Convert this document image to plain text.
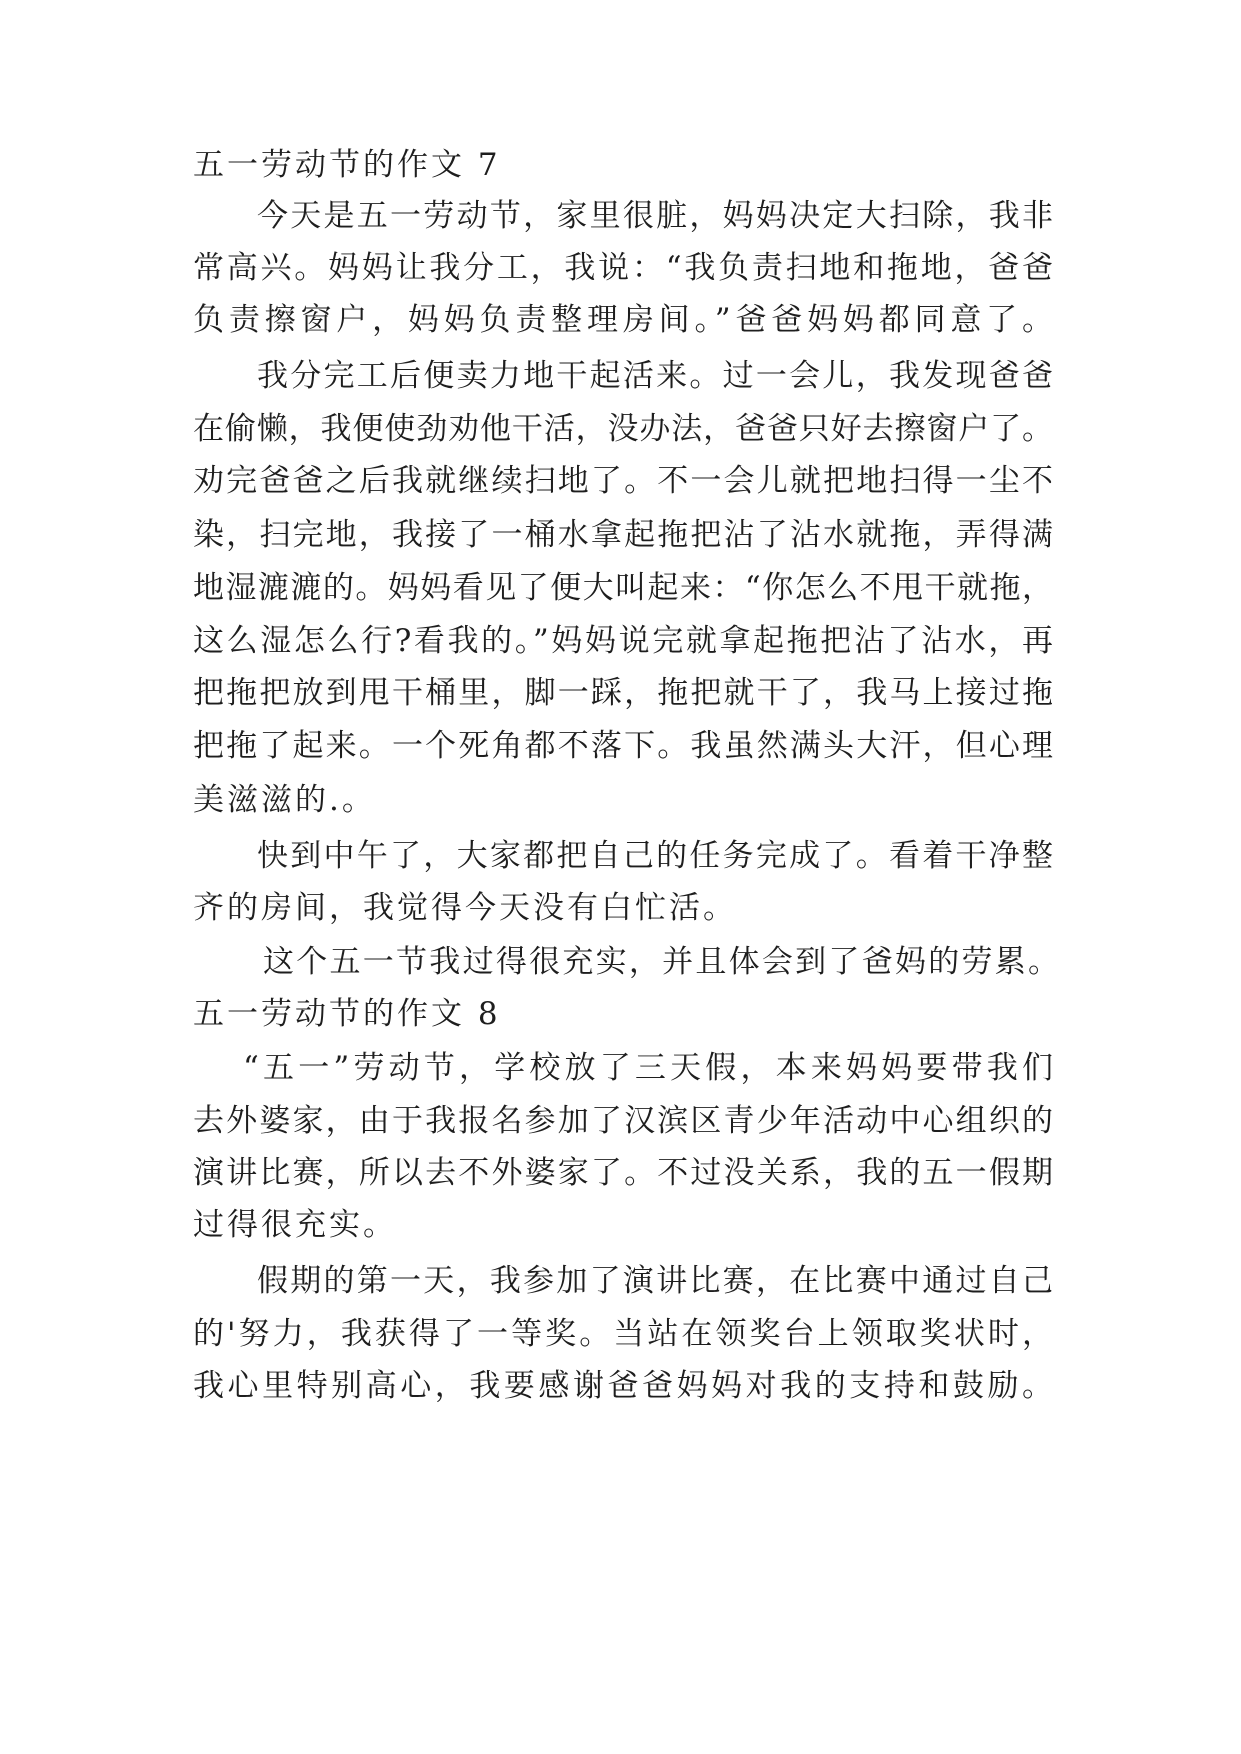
五一劳动节的作文 7
今天是五一劳动节，家里很脏，妈妈决定大扫除，我非
常高兴。妈妈让我分工，我说：“我负责扫地和拖地，爸爸
负责擦窗户，妈妈负责整理房间。”爸爸妈妈都同意了。
我分完工后便卖力地干起活来。过一会儿，我发现爸爸
在偷懒，我便使劲劝他干活，没办法，爸爸只好去擦窗户了。
劝完爸爸之后我就继续扫地了。不一会儿就把地扫得一尘不
染，扫完地，我接了一桶水拿起拖把沾了沾水就拖，弄得满
地湿漉漉的。妈妈看见了便大叫起来：“你怎么不甩干就拖，
这么湿怎么行?看我的。”妈妈说完就拿起拖把沾了沾水，再
把拖把放到甩干桶里，脚一踩，拖把就干了，我马上接过拖
把拖了起来。一个死角都不落下。我虽然满头大汗，但心理
美滋滋的.。
快到中午了，大家都把自己的任务完成了。看着干净整
齐的房间，我觉得今天没有白忙活。
这个五一节我过得很充实，并且体会到了爸妈的劳累。
五一劳动节的作文 8
“五一”劳动节，学校放了三天假，本来妈妈要带我们
去外婆家，由于我报名参加了汉滨区青少年活动中心组织的
演讲比赛，所以去不外婆家了。不过没关系，我的五一假期
过得很充实。
假期的第一天，我参加了演讲比赛，在比赛中通过自己
的'努力，我获得了一等奖。当站在领奖台上领取奖状时，
我心里特别高心，我要感谢爸爸妈妈对我的支持和鼓励。
